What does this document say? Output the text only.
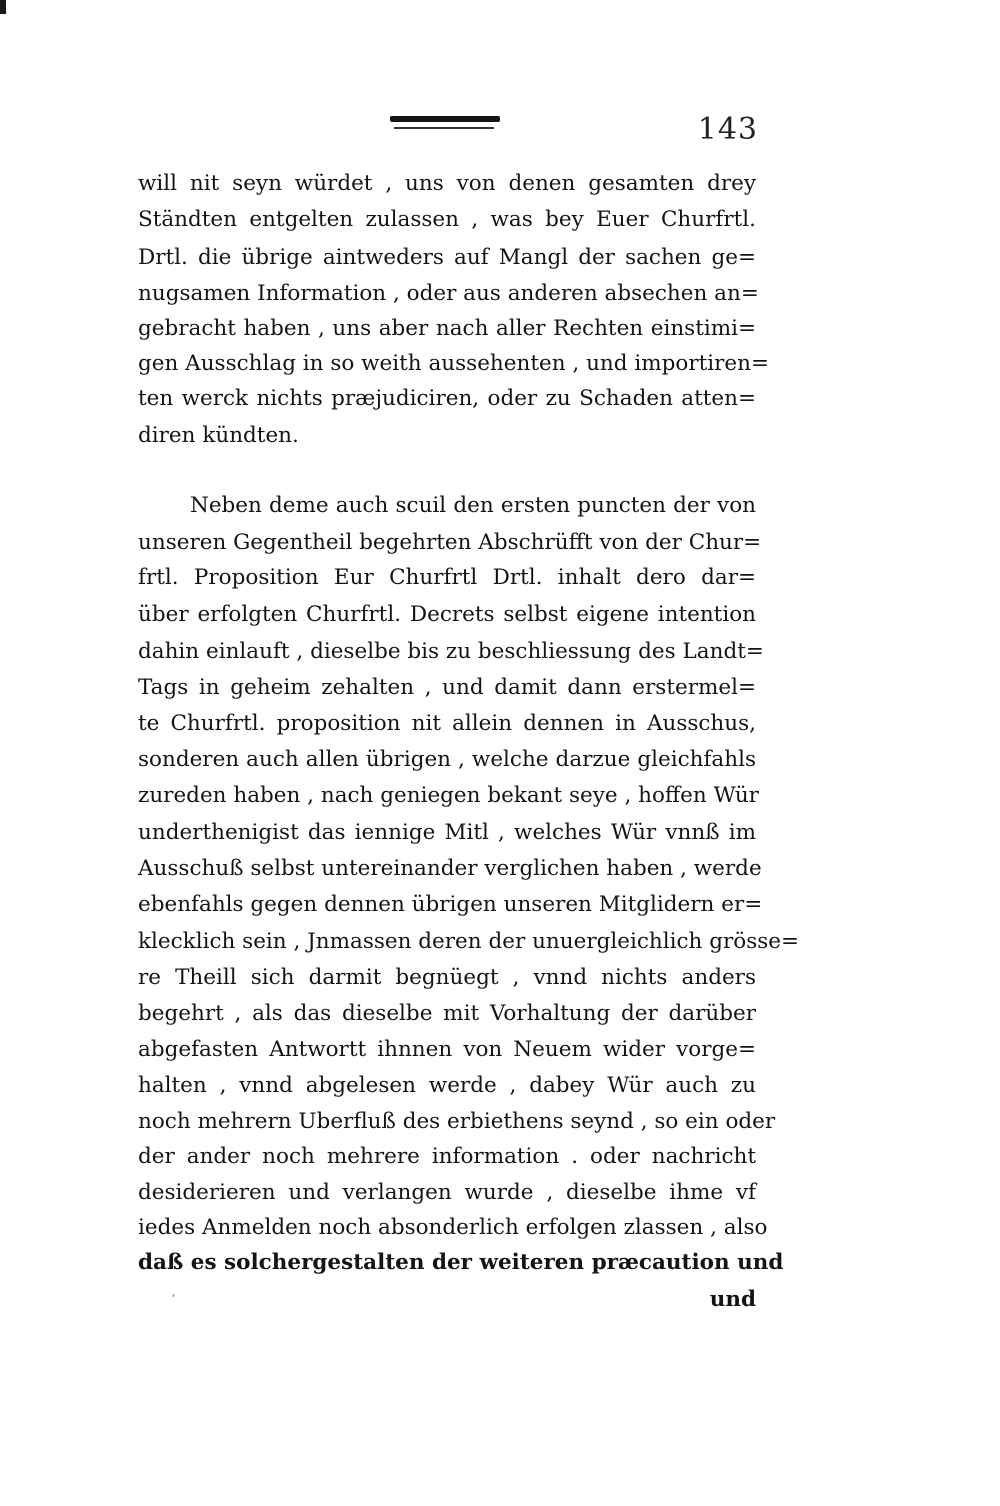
143
will nit seyn würdet , uns von denen gesamten drey
Ständten entgelten zulassen , was bey Euer Churfrtl.
Drtl. die übrige aintweders auf Mangl der sachen ge=
nugsamen Information , oder aus anderen absechen an=
gebracht haben , uns aber nach aller Rechten einstimi=
gen Ausschlag in so weith aussehenten , und importiren=
ten werck nichts præjudiciren, oder zu Schaden atten=
diren kündten.
Neben deme auch scuil den ersten puncten der von
unseren Gegentheil begehrten Abschrüfft von der Chur=
frtl. Proposition Eur Churfrtl Drtl. inhalt dero dar=
über erfolgten Churfrtl. Decrets selbst eigene intention
dahin einlauft , dieselbe bis zu beschliessung des Landt=
Tags in geheim zehalten , und damit dann erstermel=
te Churfrtl. proposition nit allein dennen in Ausschus,
sonderen auch allen übrigen , welche darzue gleichfahls
zureden haben , nach geniegen bekant seye , hoffen Wür
underthenigist das iennige Mitl , welches Wür vnnß im
Ausschuß selbst untereinander verglichen haben , werde
ebenfahls gegen dennen übrigen unseren Mitglidern er=
klecklich sein , Jnmassen deren der unuergleichlich grösse=
re Theill sich darmit begnüegt , vnnd nichts anders
begehrt , als das dieselbe mit Vorhaltung der darüber
abgefasten Antwortt ihnnen von Neuem wider vorge=
halten , vnnd abgelesen werde , dabey Wür auch zu
noch mehrern Uberfluß des erbiethens seynd , so ein oder
der ander noch mehrere information . oder nachricht
desiderieren und verlangen wurde , dieselbe ihme vf
iedes Anmelden noch absonderlich erfolgen zlassen , also
daß es solchergestalten der weiteren præcaution und
und
